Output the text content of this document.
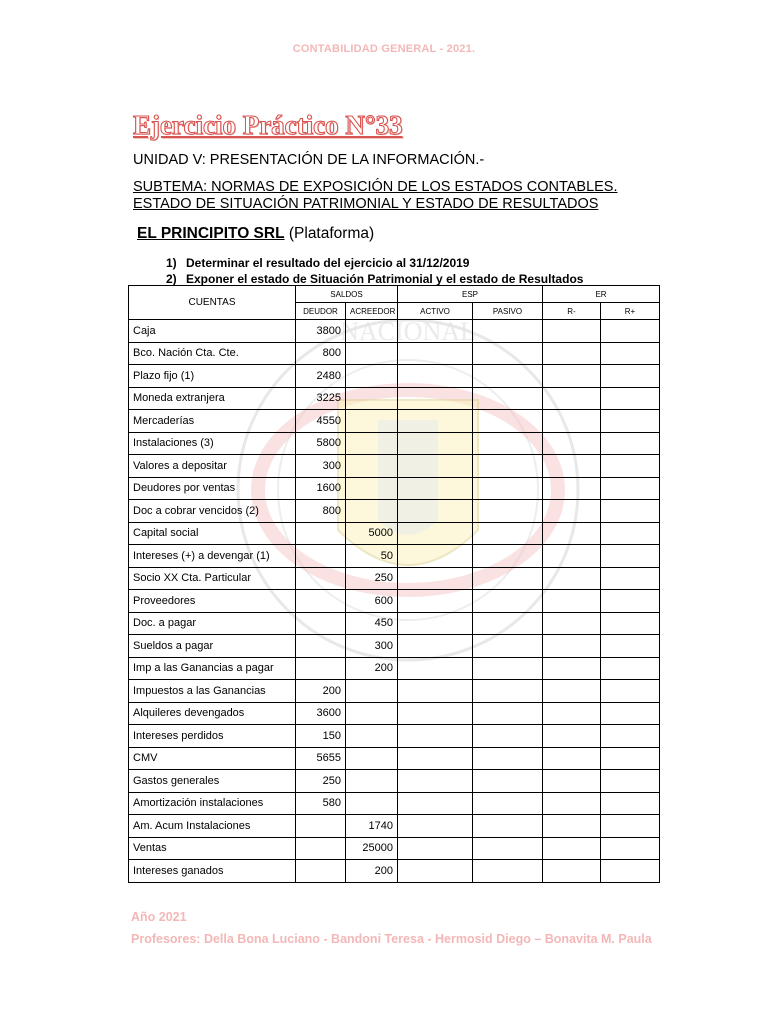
CONTABILIDAD GENERAL - 2021.
Ejercicio Práctico N°33
UNIDAD V: PRESENTACIÓN DE LA INFORMACIÓN.-
SUBTEMA: NORMAS DE EXPOSICIÓN DE LOS ESTADOS CONTABLES. ESTADO DE SITUACIÓN PATRIMONIAL Y ESTADO DE RESULTADOS
EL PRINCIPITO SRL (Plataforma)
1) Determinar el resultado del ejercicio al 31/12/2019
2) Exponer el estado de Situación Patrimonial y el estado de Resultados
NACIONAL
CUENTAS	SALDOS		ESP		ER	
	DEUDOR	ACREEDOR	ACTIVO	PASIVO	R-	R+
Caja	3800					
Bco. Nación Cta. Cte.	800					
Plazo fijo (1)	2480					
Moneda extranjera	3225					
Mercaderías	4550					
Instalaciones (3)	5800					
Valores a depositar	300					
Deudores por ventas	1600					
Doc a cobrar vencidos (2)	800					
Capital social		5000				
Intereses (+) a devengar (1)		50				
Socio XX Cta. Particular		250				
Proveedores		600				
Doc. a pagar		450				
Sueldos a pagar		300				
Imp a las Ganancias a pagar		200				
Impuestos a las Ganancias	200					
Alquileres devengados	3600					
Intereses perdidos	150					
CMV	5655					
Gastos generales	250					
Amortización instalaciones	580					
Am. Acum Instalaciones		1740				
Ventas		25000				
Intereses ganados		200				
Año 2021
Profesores: Della Bona Luciano - Bandoni Teresa - Hermosid Diego – Bonavita M. Paula
